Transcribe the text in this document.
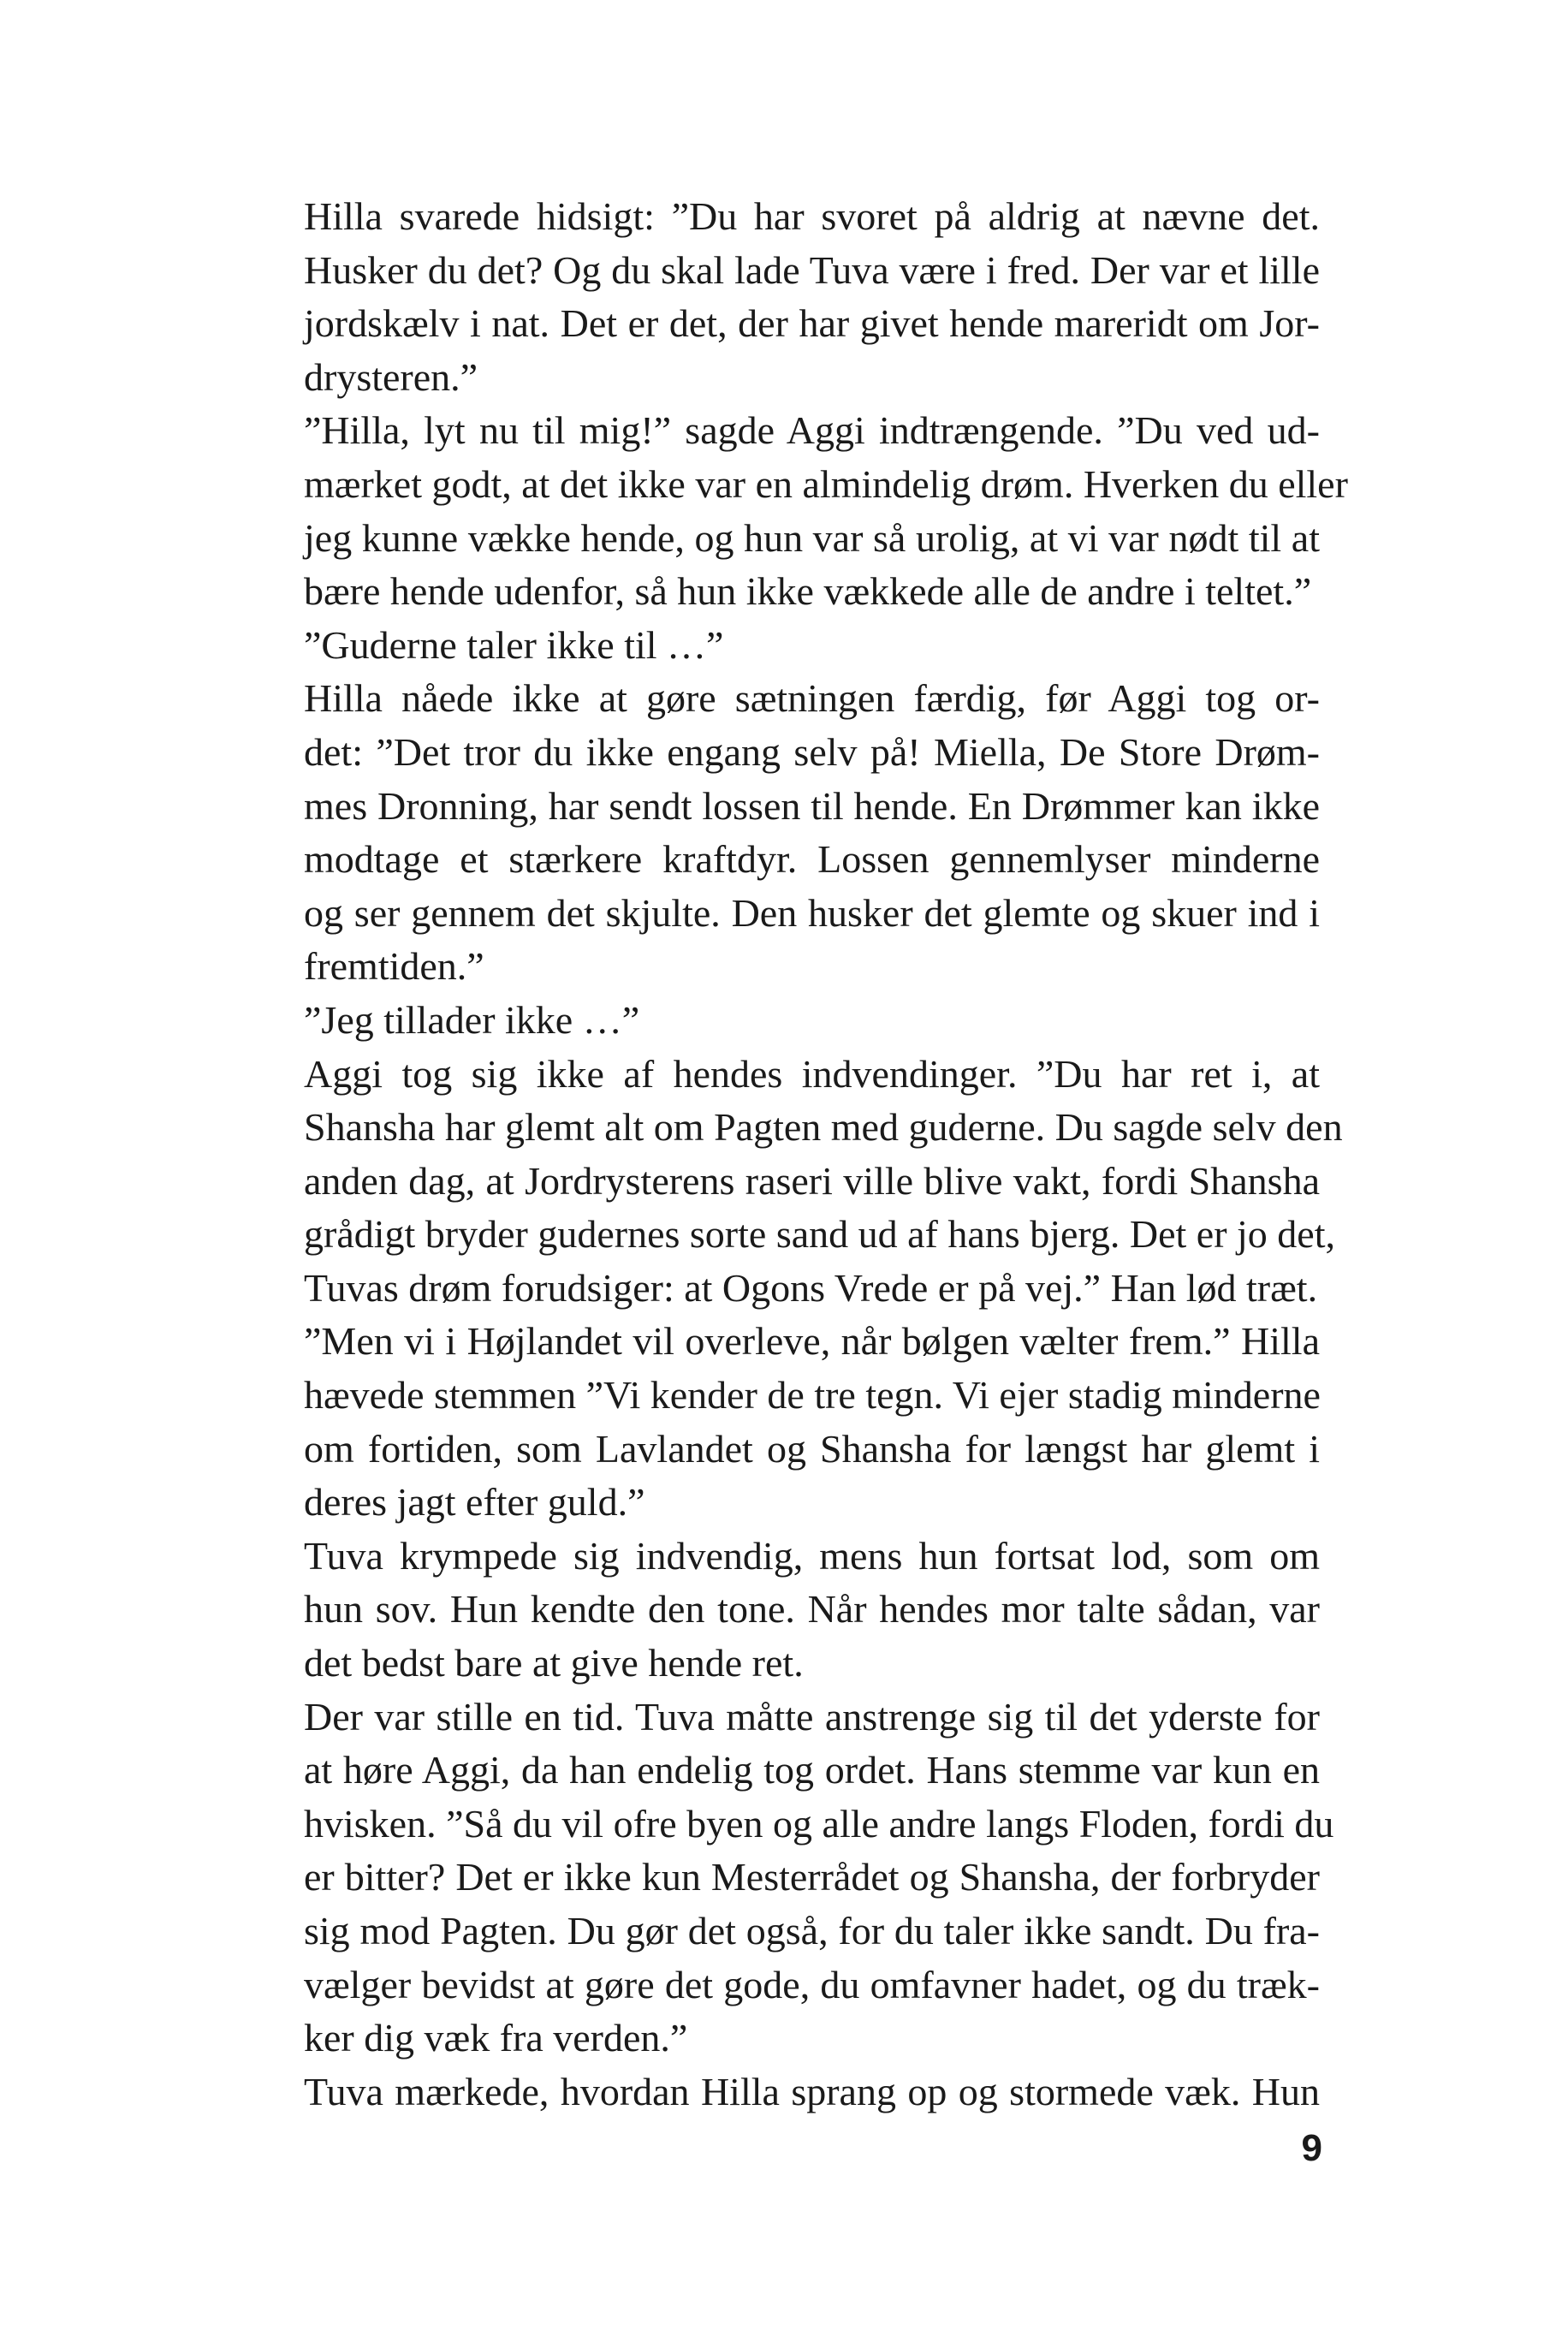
Hilla svarede hidsigt: ”Du har svoret på aldrig at nævne det.
Husker du det? Og du skal lade Tuva være i fred. Der var et lille
jordskælv i nat. Det er det, der har givet hende mareridt om Jor-
drysteren.”
”Hilla, lyt nu til mig!” sagde Aggi indtrængende. ”Du ved ud-
mærket godt, at det ikke var en almindelig drøm. Hverken du eller
jeg kunne vække hende, og hun var så urolig, at vi var nødt til at
bære hende udenfor, så hun ikke vækkede alle de andre i teltet.”
”Guderne taler ikke til …”
Hilla nåede ikke at gøre sætningen færdig, før Aggi tog or-
det: ”Det tror du ikke engang selv på! Miella, De Store Drøm-
mes Dronning, har sendt lossen til hende. En Drømmer kan ikke
modtage et stærkere kraftdyr. Lossen gennemlyser minderne
og ser gennem det skjulte. Den husker det glemte og skuer ind i
fremtiden.”
”Jeg tillader ikke …”
Aggi tog sig ikke af hendes indvendinger. ”Du har ret i, at
Shansha har glemt alt om Pagten med guderne. Du sagde selv den
anden dag, at Jordrysterens raseri ville blive vakt, fordi Shansha
grådigt bryder gudernes sorte sand ud af hans bjerg. Det er jo det,
Tuvas drøm forudsiger: at Ogons Vrede er på vej.” Han lød træt.
”Men vi i Højlandet vil overleve, når bølgen vælter frem.” Hilla
hævede stemmen ”Vi kender de tre tegn. Vi ejer stadig minderne
om fortiden, som Lavlandet og Shansha for længst har glemt i
deres jagt efter guld.”
Tuva krympede sig indvendig, mens hun fortsat lod, som om
hun sov. Hun kendte den tone. Når hendes mor talte sådan, var
det bedst bare at give hende ret.
Der var stille en tid. Tuva måtte anstrenge sig til det yderste for
at høre Aggi, da han endelig tog ordet. Hans stemme var kun en
hvisken. ”Så du vil ofre byen og alle andre langs Floden, fordi du
er bitter? Det er ikke kun Mesterrådet og Shansha, der forbryder
sig mod Pagten. Du gør det også, for du taler ikke sandt. Du fra-
vælger bevidst at gøre det gode, du omfavner hadet, og du træk-
ker dig væk fra verden.”
Tuva mærkede, hvordan Hilla sprang op og stormede væk. Hun
9
